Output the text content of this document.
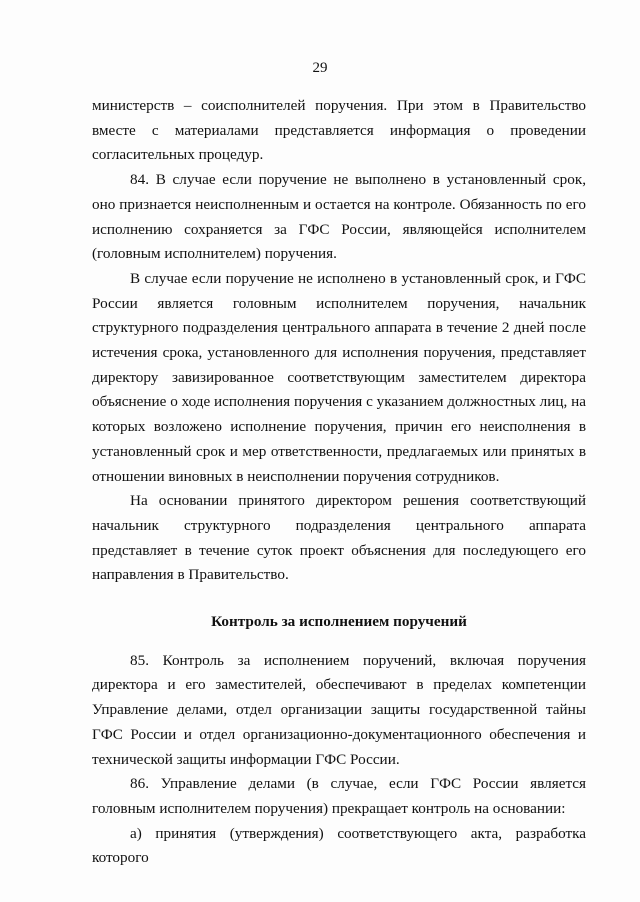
29

министерств – соисполнителей поручения. При этом в Правительство вместе с материалами представляется информация о проведении согласительных процедур.

84. В случае если поручение не выполнено в установленный срок, оно признается неисполненным и остается на контроле. Обязанность по его исполнению сохраняется за ГФС России, являющейся исполнителем (головным исполнителем) поручения.

В случае если поручение не исполнено в установленный срок, и ГФС России является головным исполнителем поручения, начальник структурного подразделения центрального аппарата в течение 2 дней после истечения срока, установленного для исполнения поручения, представляет директору завизированное соответствующим заместителем директора объяснение о ходе исполнения поручения с указанием должностных лиц, на которых возложено исполнение поручения, причин его неисполнения в установленный срок и мер ответственности, предлагаемых или принятых в отношении виновных в неисполнении поручения сотрудников.

На основании принятого директором решения соответствующий начальник структурного подразделения центрального аппарата представляет в течение суток проект объяснения для последующего его направления в Правительство.

Контроль за исполнением поручений

85. Контроль за исполнением поручений, включая поручения директора и его заместителей, обеспечивают в пределах компетенции Управление делами, отдел организации защиты государственной тайны ГФС России и отдел организационно-документационного обеспечения и технической защиты информации ГФС России.

86. Управление делами (в случае, если ГФС России является головным исполнителем поручения) прекращает контроль на основании:

а) принятия (утверждения) соответствующего акта, разработка которого
